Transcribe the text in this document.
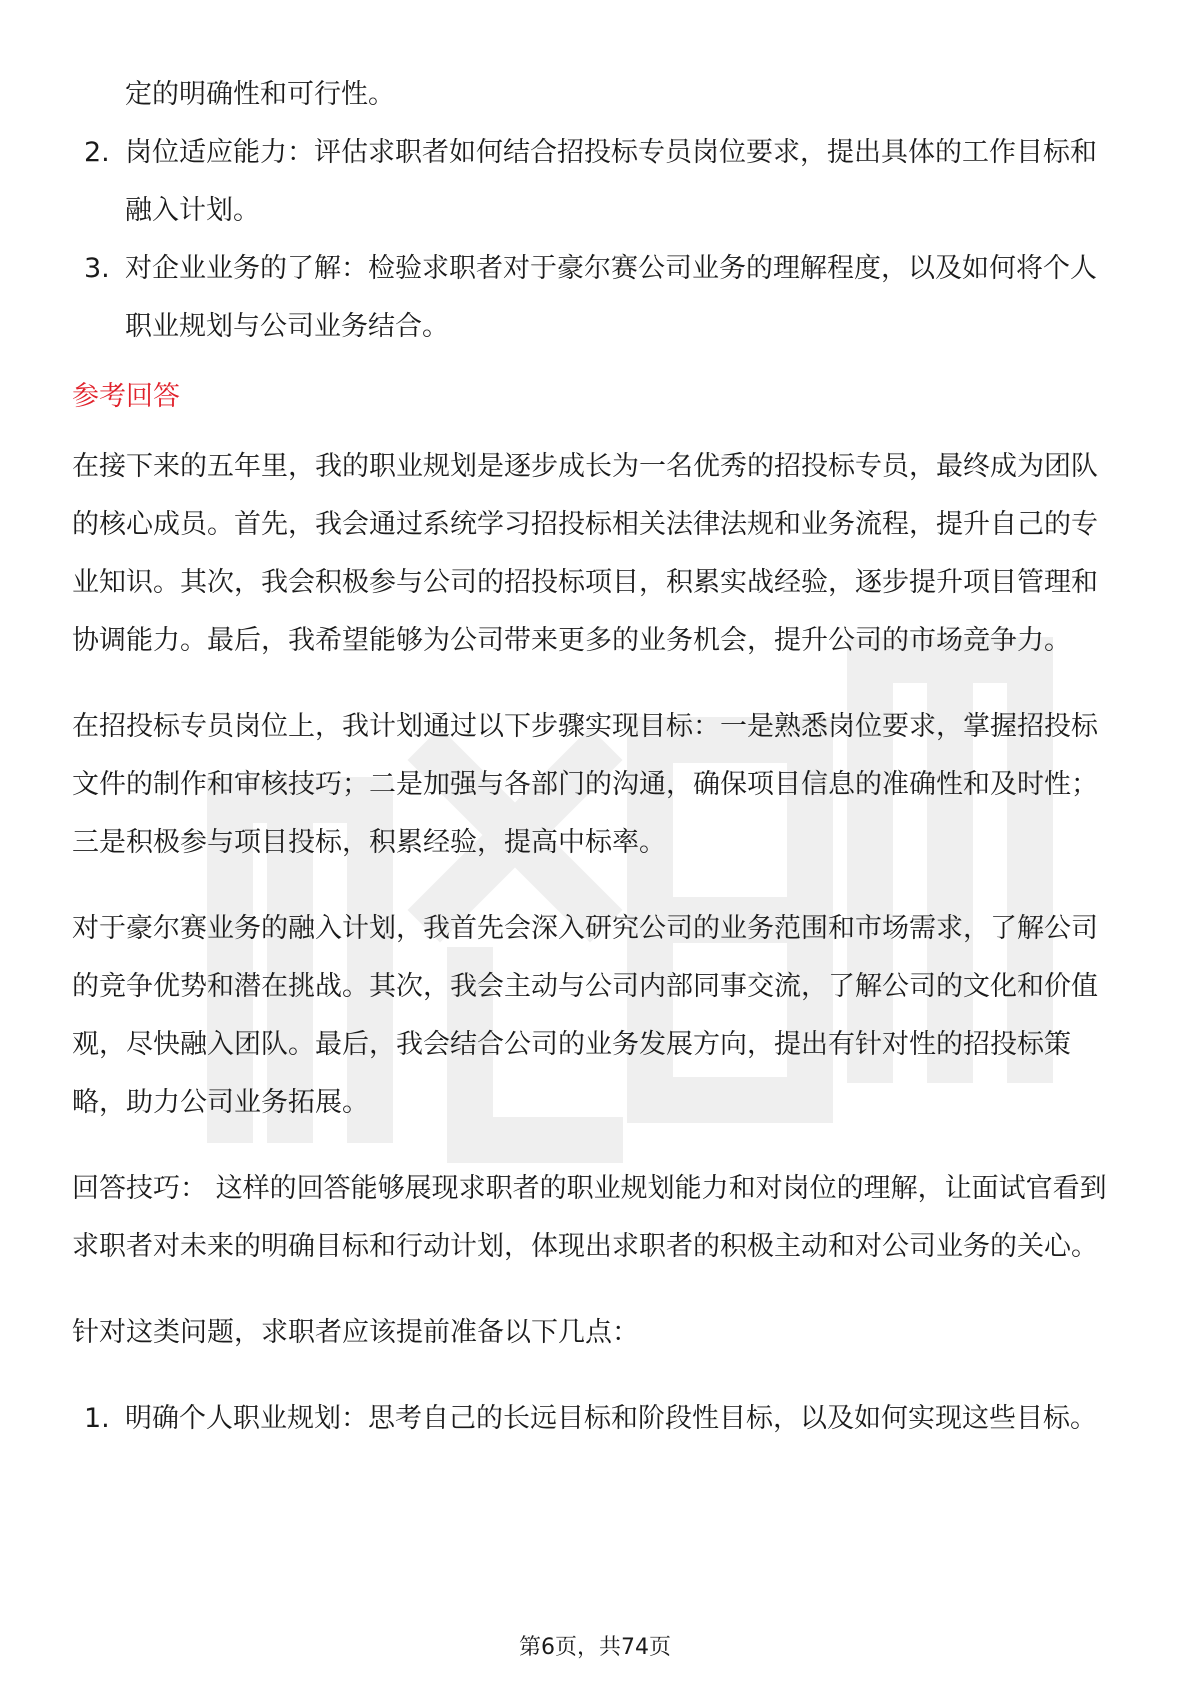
定的明确性和可行性。
2. 岗位适应能力：评估求职者如何结合招投标专员岗位要求，提出具体的工作目标和融入计划。
3. 对企业业务的了解：检验求职者对于豪尔赛公司业务的理解程度，以及如何将个人职业规划与公司业务结合。
参考回答

在接下来的五年里，我的职业规划是逐步成长为一名优秀的招投标专员，最终成为团队的核心成员。首先，我会通过系统学习招投标相关法律法规和业务流程，提升自己的专业知识。其次，我会积极参与公司的招投标项目，积累实战经验，逐步提升项目管理和协调能力。最后，我希望能够为公司带来更多的业务机会，提升公司的市场竞争力。

在招投标专员岗位上，我计划通过以下步骤实现目标：一是熟悉岗位要求，掌握招投标文件的制作和审核技巧；二是加强与各部门的沟通，确保项目信息的准确性和及时性；三是积极参与项目投标，积累经验，提高中标率。

对于豪尔赛业务的融入计划，我首先会深入研究公司的业务范围和市场需求，了解公司的竞争优势和潜在挑战。其次，我会主动与公司内部同事交流，了解公司的文化和价值观，尽快融入团队。最后，我会结合公司的业务发展方向，提出有针对性的招投标策略，助力公司业务拓展。

回答技巧： 这样的回答能够展现求职者的职业规划能力和对岗位的理解，让面试官看到求职者对未来的明确目标和行动计划，体现出求职者的积极主动和对公司业务的关心。

针对这类问题，求职者应该提前准备以下几点：

1. 明确个人职业规划：思考自己的长远目标和阶段性目标，以及如何实现这些目标。
第6页，共74页
